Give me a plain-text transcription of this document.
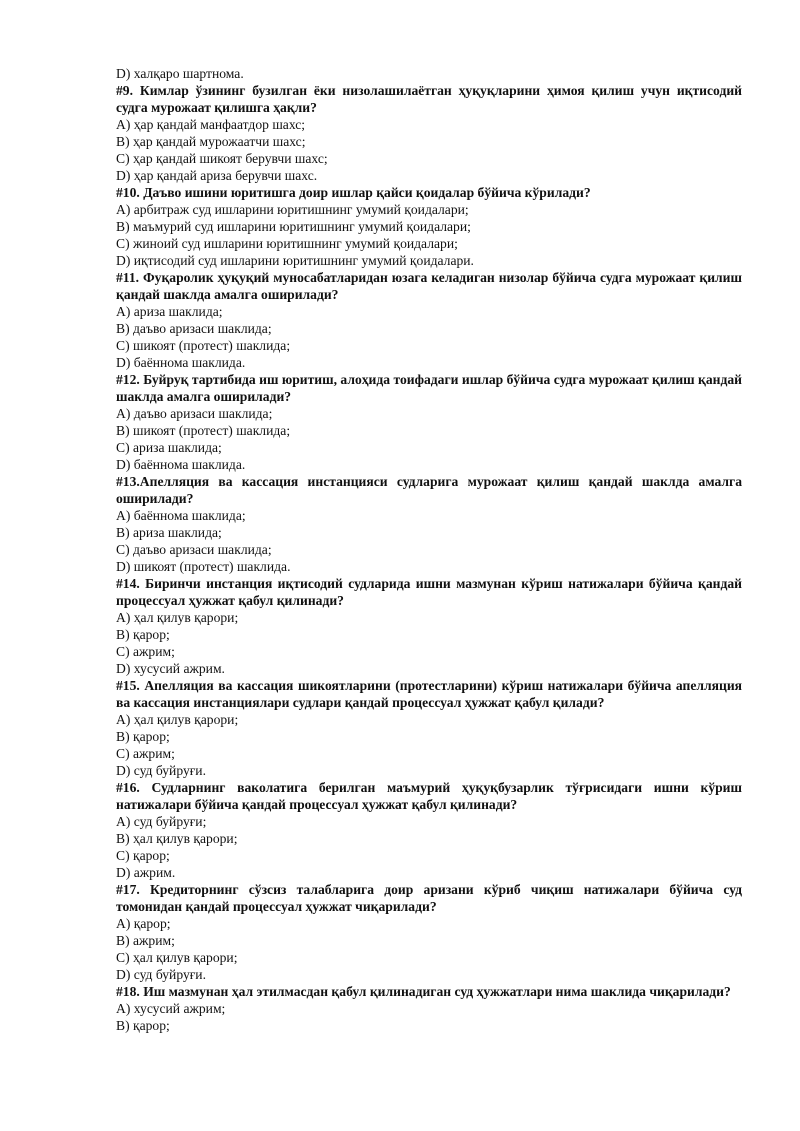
D) халқаро шартнома.
#9. Кимлар ўзининг бузилган ёки низолашилаётган ҳуқуқларини ҳимоя қилиш учун иқтисодий судга мурожаат қилишга ҳақли?
A) ҳар қандай манфаатдор шахс;
B) ҳар қандай мурожаатчи шахс;
C) ҳар қандай шикоят берувчи шахс;
D) ҳар қандай ариза берувчи шахс.
#10. Даъво ишини юритишга доир ишлар қайси қоидалар бўйича кўрилади?
A) арбитраж суд ишларини юритишнинг умумий қоидалари;
B) маъмурий суд ишларини юритишнинг умумий қоидалари;
C) жиноий суд ишларини юритишнинг умумий қоидалари;
D) иқтисодий суд ишларини юритишнинг умумий қоидалари.
#11. Фуқаролик ҳуқуқий муносабатларидан юзага келадиган низолар бўйича судга мурожаат қилиш қандай шаклда амалга оширилади?
A) ариза шаклида;
B) даъво аризаси шаклида;
C) шикоят (протест) шаклида;
D) баённома шаклида.
#12. Буйруқ тартибида иш юритиш, алоҳида тоифадаги ишлар бўйича судга мурожаат қилиш қандай шаклда амалга оширилади?
A) даъво аризаси шаклида;
B) шикоят (протест) шаклида;
C) ариза шаклида;
D) баённома шаклида.
#13.Апелляция ва кассация инстанцияси судларига мурожаат қилиш қандай шаклда амалга оширилади?
A) баённома шаклида;
B) ариза шаклида;
C) даъво аризаси шаклида;
D) шикоят (протест) шаклида.
#14. Биринчи инстанция иқтисодий судларида ишни мазмунан кўриш натижалари бўйича қандай процессуал ҳужжат қабул қилинади?
A) ҳал қилув қарори;
B) қарор;
C) ажрим;
D) хусусий ажрим.
#15. Апелляция ва кассация шикоятларини (протестларини) кўриш натижалари бўйича апелляция ва кассация инстанциялари судлари қандай процессуал ҳужжат қабул қилади?
A) ҳал қилув қарори;
B) қарор;
C) ажрим;
D) суд буйруғи.
#16. Судларнинг ваколатига берилган маъмурий ҳуқуқбузарлик тўғрисидаги ишни кўриш натижалари бўйича қандай процессуал ҳужжат қабул қилинади?
A) суд буйруғи;
B) ҳал қилув қарори;
C) қарор;
D) ажрим.
#17. Кредиторнинг сўзсиз талабларига доир аризани кўриб чиқиш натижалари бўйича суд томонидан қандай процессуал ҳужжат чиқарилади?
A) қарор;
B) ажрим;
C) ҳал қилув қарори;
D) суд буйруғи.
#18. Иш мазмунан ҳал этилмасдан қабул қилинадиган суд ҳужжатлари нима шаклида чиқарилади?
A) хусусий ажрим;
B) қарор;
